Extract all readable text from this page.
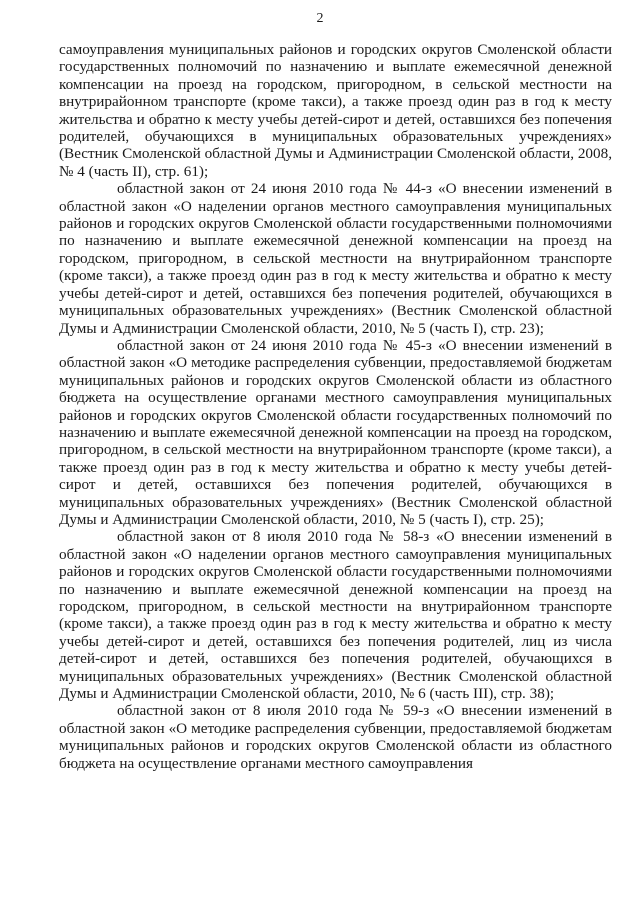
2

самоуправления муниципальных районов и городских округов Смоленской области государственных полномочий по назначению и выплате ежемесячной денежной компенсации на проезд на городском, пригородном, в сельской местности на внутрирайонном транспорте (кроме такси), а также проезд один раз в год к месту жительства и обратно к месту учебы детей-сирот и детей, оставшихся без попечения родителей, обучающихся в муниципальных образовательных учреждениях» (Вестник Смоленской областной Думы и Администрации Смоленской области, 2008, № 4 (часть II), стр. 61);

областной закон от 24 июня 2010 года № 44-з «О внесении изменений в областной закон «О наделении органов местного самоуправления муниципальных районов и городских округов Смоленской области государственными полномочиями по назначению и выплате ежемесячной денежной компенсации на проезд на городском, пригородном, в сельской местности на внутрирайонном транспорте (кроме такси), а также проезд один раз в год к месту жительства и обратно к месту учебы детей-сирот и детей, оставшихся без попечения родителей, обучающихся в муниципальных образовательных учреждениях» (Вестник Смоленской областной Думы и Администрации Смоленской области, 2010, № 5 (часть I), стр. 23);

областной закон от 24 июня 2010 года № 45-з «О внесении изменений в областной закон «О методике распределения субвенции, предоставляемой бюджетам муниципальных районов и городских округов Смоленской области из областного бюджета на осуществление органами местного самоуправления муниципальных районов и городских округов Смоленской области государственных полномочий по назначению и выплате ежемесячной денежной компенсации на проезд на городском, пригородном, в сельской местности на внутрирайонном транспорте (кроме такси), а также проезд один раз в год к месту жительства и обратно к месту учебы детей-сирот и детей, оставшихся без попечения родителей, обучающихся в муниципальных образовательных учреждениях» (Вестник Смоленской областной Думы и Администрации Смоленской области, 2010, № 5 (часть I), стр. 25);

областной закон от 8 июля 2010 года № 58-з «О внесении изменений в областной закон «О наделении органов местного самоуправления муниципальных районов и городских округов Смоленской области государственными полномочиями по назначению и выплате ежемесячной денежной компенсации на проезд на городском, пригородном, в сельской местности на внутрирайонном транспорте (кроме такси), а также проезд один раз в год к месту жительства и обратно к месту учебы детей-сирот и детей, оставшихся без попечения родителей, лиц из числа детей-сирот и детей, оставшихся без попечения родителей, обучающихся в муниципальных образовательных учреждениях» (Вестник Смоленской областной Думы и Администрации Смоленской области, 2010, № 6 (часть III), стр. 38);

областной закон от 8 июля 2010 года № 59-з «О внесении изменений в областной закон «О методике распределения субвенции, предоставляемой бюджетам муниципальных районов и городских округов Смоленской области из областного бюджета на осуществление органами местного самоуправления
